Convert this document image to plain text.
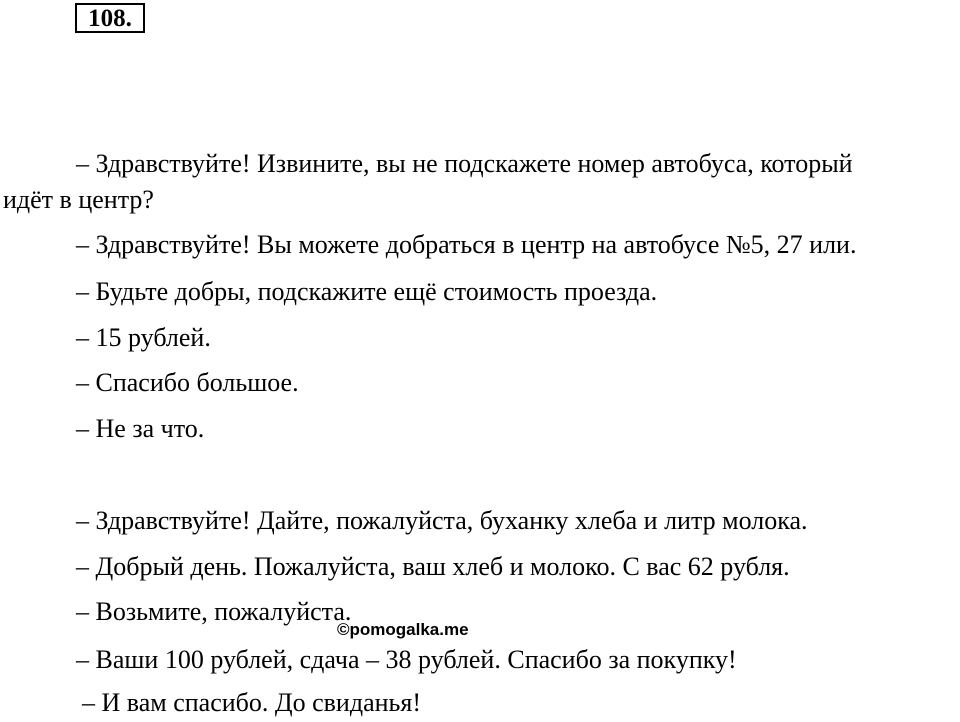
108.
– Здравствуйте! Извините, вы не подскажете номер автобуса, который
идёт в центр?
– Здравствуйте! Вы можете добраться в центр на автобусе №5, 27 или.
– Будьте добры, подскажите ещё стоимость проезда.
– 15 рублей.
– Спасибо большое.
– Не за что.
– Здравствуйте! Дайте, пожалуйста, буханку хлеба и литр молока.
– Добрый день. Пожалуйста, ваш хлеб и молоко. С вас 62 рубля.
– Возьмите, пожалуйста.
– Ваши 100 рублей, сдача – 38 рублей. Спасибо за покупку!
– И вам спасибо. До свиданья!
©pomogalka.me
